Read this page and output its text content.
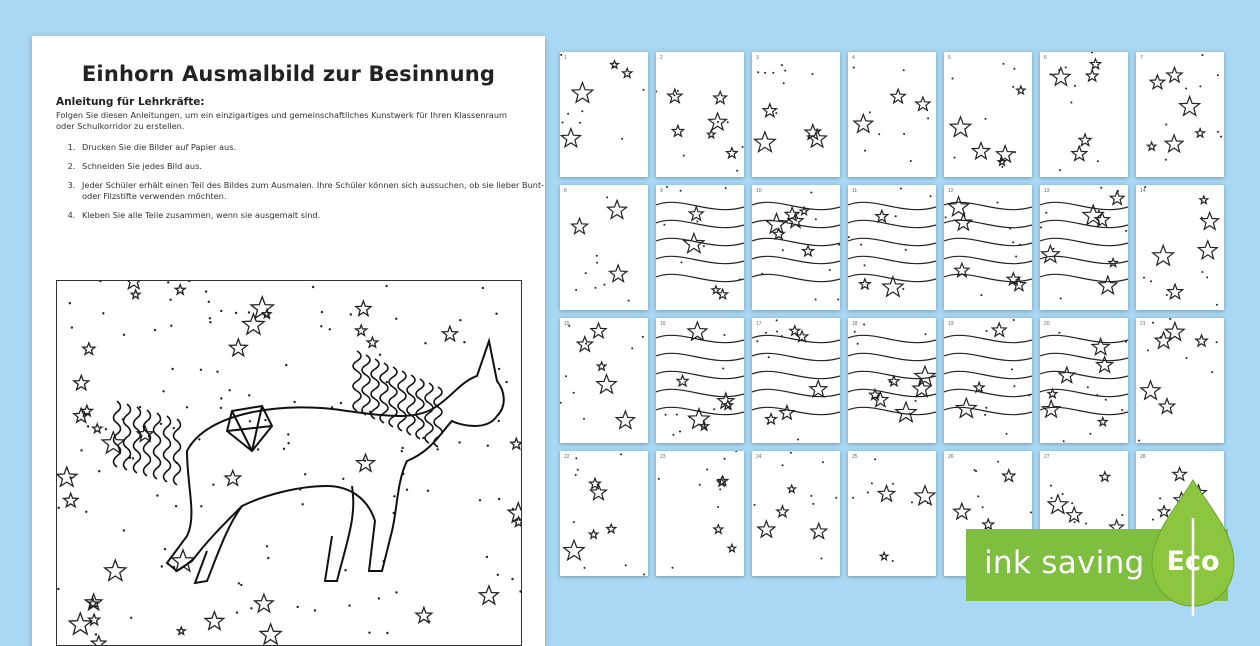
Einhorn Ausmalbild zur Besinnung
Anleitung für Lehrkräfte:
Folgen Sie diesen Anleitungen, um ein einzigartiges und gemeinschaftliches Kunstwerk für Ihren Klassenraum oder Schulkorridor zu erstellen.
1. Drucken Sie die Bilder auf Papier aus.
2. Schneiden Sie jedes Bild aus.
3. Jeder Schüler erhält einen Teil des Bildes zum Ausmalen. Ihre Schüler können sich aussuchen, ob sie lieber Bunt- oder Filzstifte verwenden möchten.
4. Kleben Sie alle Teile zusammen, wenn sie ausgemalt sind.
1	2	3	4	5	6	7
8	9	10	11	12	13	14
15	16	17	18	19	20	21
22	23	24	25	26	27	28
ink saving Eco
